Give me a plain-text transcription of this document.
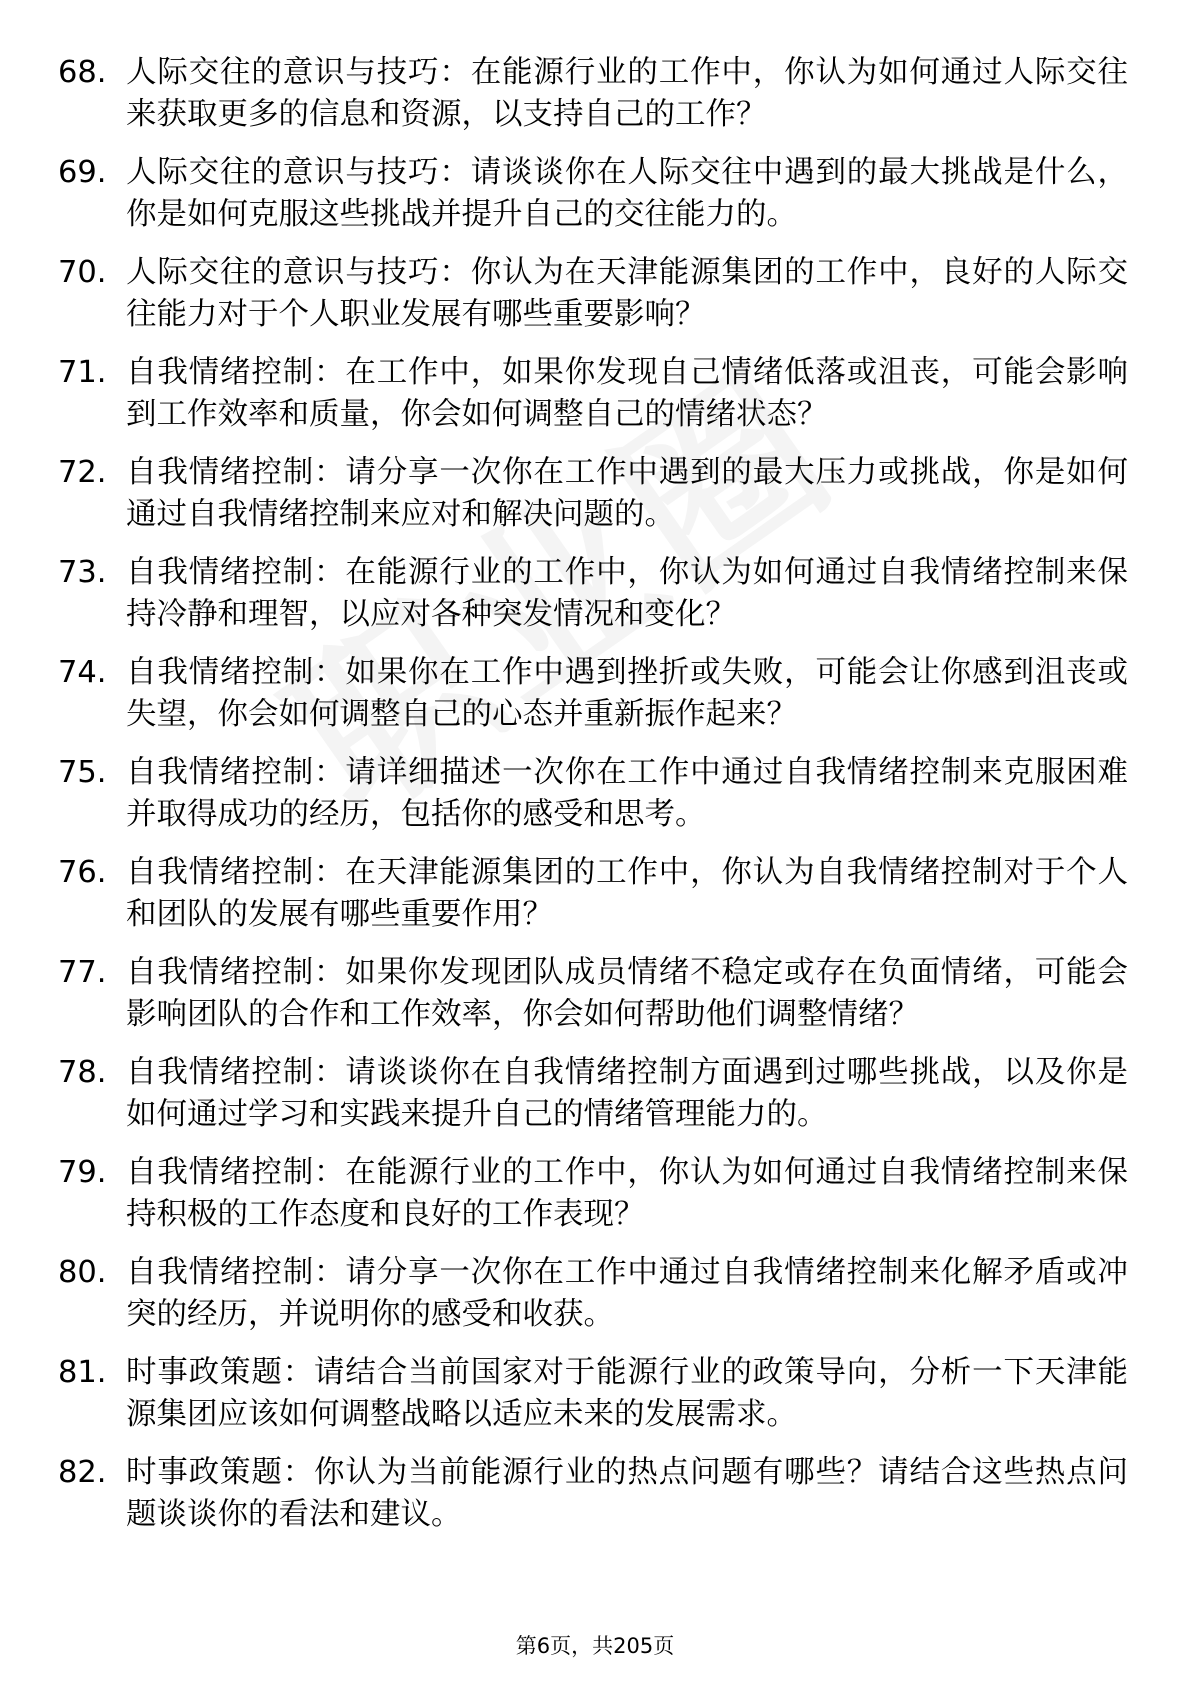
68. 人际交往的意识与技巧：在能源行业的工作中，你认为如何通过人际交往来获取更多的信息和资源，以支持自己的工作？
69. 人际交往的意识与技巧：请谈谈你在人际交往中遇到的最大挑战是什么，你是如何克服这些挑战并提升自己的交往能力的。
70. 人际交往的意识与技巧：你认为在天津能源集团的工作中，良好的人际交往能力对于个人职业发展有哪些重要影响？
71. 自我情绪控制：在工作中，如果你发现自己情绪低落或沮丧，可能会影响到工作效率和质量，你会如何调整自己的情绪状态？
72. 自我情绪控制：请分享一次你在工作中遇到的最大压力或挑战，你是如何通过自我情绪控制来应对和解决问题的。
73. 自我情绪控制：在能源行业的工作中，你认为如何通过自我情绪控制来保持冷静和理智，以应对各种突发情况和变化？
74. 自我情绪控制：如果你在工作中遇到挫折或失败，可能会让你感到沮丧或失望，你会如何调整自己的心态并重新振作起来？
75. 自我情绪控制：请详细描述一次你在工作中通过自我情绪控制来克服困难并取得成功的经历，包括你的感受和思考。
76. 自我情绪控制：在天津能源集团的工作中，你认为自我情绪控制对于个人和团队的发展有哪些重要作用？
77. 自我情绪控制：如果你发现团队成员情绪不稳定或存在负面情绪，可能会影响团队的合作和工作效率，你会如何帮助他们调整情绪？
78. 自我情绪控制：请谈谈你在自我情绪控制方面遇到过哪些挑战，以及你是如何通过学习和实践来提升自己的情绪管理能力的。
79. 自我情绪控制：在能源行业的工作中，你认为如何通过自我情绪控制来保持积极的工作态度和良好的工作表现？
80. 自我情绪控制：请分享一次你在工作中通过自我情绪控制来化解矛盾或冲突的经历，并说明你的感受和收获。
81. 时事政策题：请结合当前国家对于能源行业的政策导向，分析一下天津能源集团应该如何调整战略以适应未来的发展需求。
82. 时事政策题：你认为当前能源行业的热点问题有哪些？请结合这些热点问题谈谈你的看法和建议。
第6页，共205页
